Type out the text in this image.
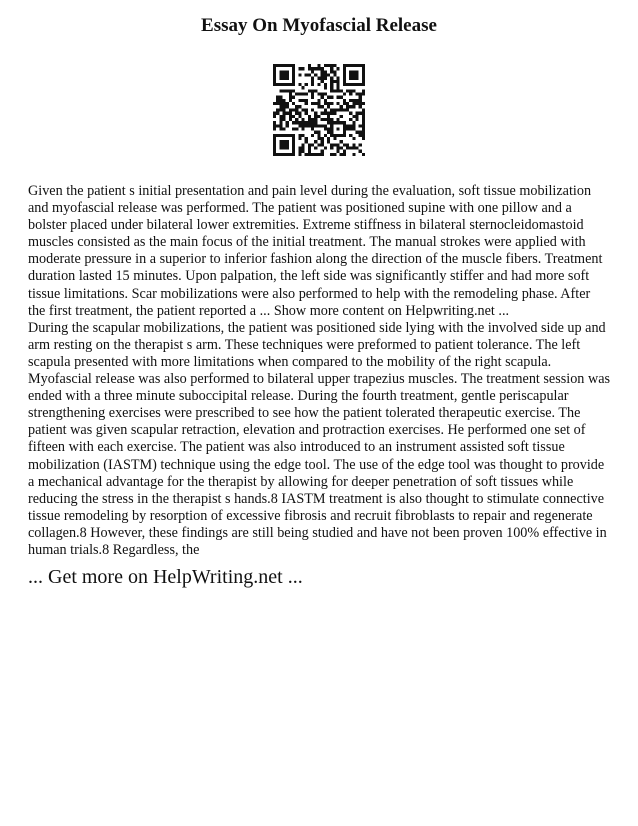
Essay On Myofascial Release

Given the patient s initial presentation and pain level during the evaluation, soft tissue mobilization and myofascial release was performed. The patient was positioned supine with one pillow and a bolster placed under bilateral lower extremities. Extreme stiffness in bilateral sternocleidomastoid muscles consisted as the main focus of the initial treatment. The manual strokes were applied with moderate pressure in a superior to inferior fashion along the direction of the muscle fibers. Treatment duration lasted 15 minutes. Upon palpation, the left side was significantly stiffer and had more soft tissue limitations. Scar mobilizations were also performed to help with the remodeling phase. After the first treatment, the patient reported a ... Show more content on Helpwriting.net ...

During the scapular mobilizations, the patient was positioned side lying with the involved side up and arm resting on the therapist s arm. These techniques were preformed to patient tolerance. The left scapula presented with more limitations when compared to the mobility of the right scapula. Myofascial release was also performed to bilateral upper trapezius muscles. The treatment session was ended with a three minute suboccipital release. During the fourth treatment, gentle periscapular strengthening exercises were prescribed to see how the patient tolerated therapeutic exercise. The patient was given scapular retraction, elevation and protraction exercises. He performed one set of fifteen with each exercise. The patient was also introduced to an instrument assisted soft tissue mobilization (IASTM) technique using the edge tool. The use of the edge tool was thought to provide a mechanical advantage for the therapist by allowing for deeper penetration of soft tissues while reducing the stress in the therapist s hands.8 IASTM treatment is also thought to stimulate connective tissue remodeling by resorption of excessive fibrosis and recruit fibroblasts to repair and regenerate collagen.8 However, these findings are still being studied and have not been proven 100% effective in human trials.8 Regardless, the

... Get more on HelpWriting.net ...
